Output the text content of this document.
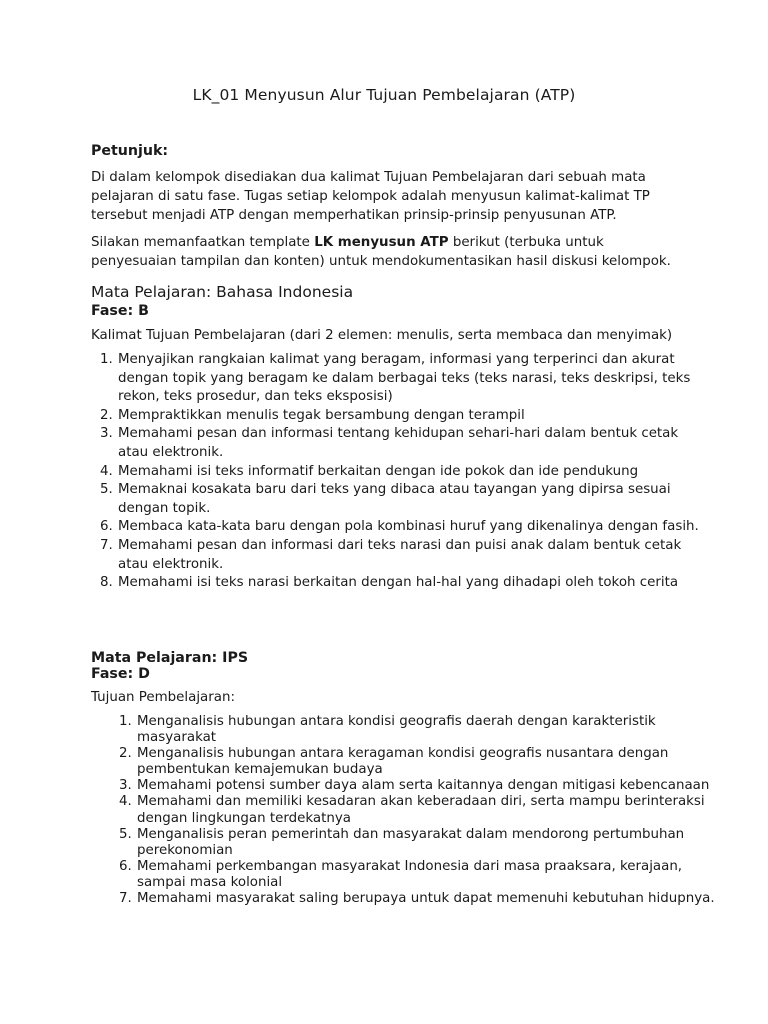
LK_01 Menyusun Alur Tujuan Pembelajaran (ATP)
Petunjuk:

Di dalam kelompok disediakan dua kalimat Tujuan Pembelajaran dari sebuah mata pelajaran di satu fase. Tugas setiap kelompok adalah menyusun kalimat-kalimat TP tersebut menjadi ATP dengan memperhatikan prinsip-prinsip penyusunan ATP.

Silakan memanfaatkan template LK menyusun ATP berikut (terbuka untuk penyesuaian tampilan dan konten) untuk mendokumentasikan hasil diskusi kelompok.

Mata Pelajaran: Bahasa Indonesia
Fase: B
Kalimat Tujuan Pembelajaran (dari 2 elemen: menulis, serta membaca dan menyimak)
1. Menyajikan rangkaian kalimat yang beragam, informasi yang terperinci dan akurat dengan topik yang beragam ke dalam berbagai teks (teks narasi, teks deskripsi, teks rekon, teks prosedur, dan teks eksposisi)
2. Mempraktikkan menulis tegak bersambung dengan terampil
3. Memahami pesan dan informasi tentang kehidupan sehari-hari dalam bentuk cetak atau elektronik.
4. Memahami isi teks informatif berkaitan dengan ide pokok dan ide pendukung
5. Memaknai kosakata baru dari teks yang dibaca atau tayangan yang dipirsa sesuai dengan topik.
6. Membaca kata-kata baru dengan pola kombinasi huruf yang dikenalinya dengan fasih.
7. Memahami pesan dan informasi dari teks narasi dan puisi anak dalam bentuk cetak atau elektronik.
8. Memahami isi teks narasi berkaitan dengan hal-hal yang dihadapi oleh tokoh cerita
Mata Pelajaran: IPS
Fase: D
Tujuan Pembelajaran:
1. Menganalisis hubungan antara kondisi geografis daerah dengan karakteristik masyarakat
2. Menganalisis hubungan antara keragaman kondisi geografis nusantara dengan pembentukan kemajemukan budaya
3. Memahami potensi sumber daya alam serta kaitannya dengan mitigasi kebencanaan
4. Memahami dan memiliki kesadaran akan keberadaan diri, serta mampu berinteraksi dengan lingkungan terdekatnya
5. Menganalisis peran pemerintah dan masyarakat dalam mendorong pertumbuhan perekonomian
6. Memahami perkembangan masyarakat Indonesia dari masa praaksara, kerajaan, sampai masa kolonial
7. Memahami masyarakat saling berupaya untuk dapat memenuhi kebutuhan hidupnya.
